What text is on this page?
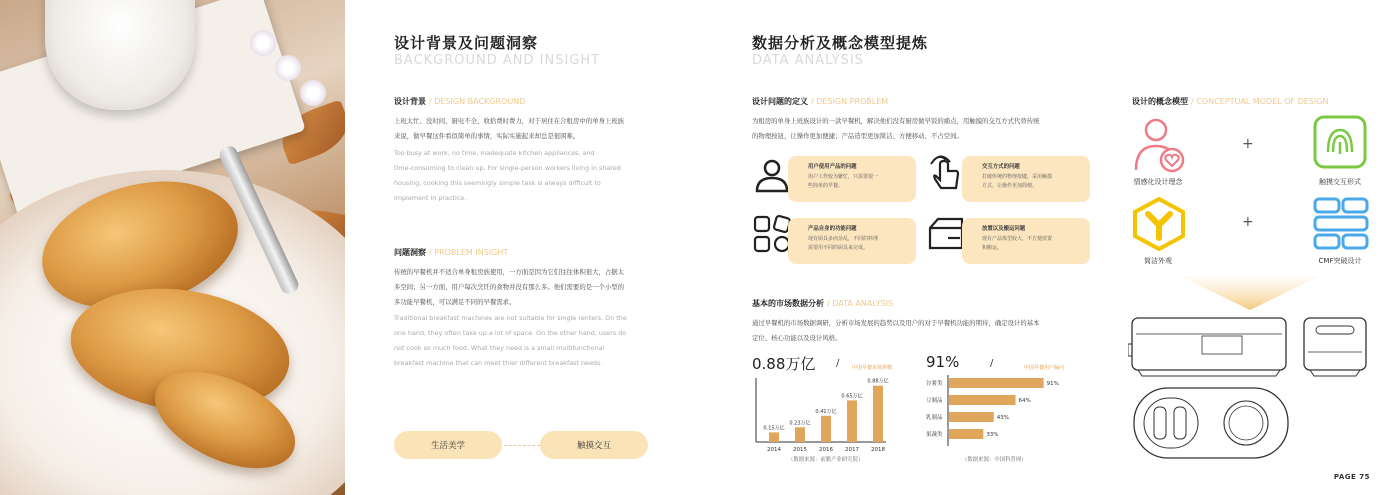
设计背景及问题洞察
BACKGROUND AND INSIGHT
设计背景 / DESIGN BACKGROUND
上班太忙、没时间、厨电不全、收拾费时费力，对于居住在合租房中的单身上班族
来说，做早餐这件看似简单的事情，实际实施起来却总是很困难。
Too busy at work, no time, inadequate kitchen appliances, and
time-consuming to clean up. For single-person workers living in shared
housing, cooking this seemingly simple task is always difficult to
implement in practice.
问题洞察 / PROBLEM INSIGHT
传统的早餐机并不适合单身租房族使用，一方面是因为它们往往体积很大，占据太
多空间；另一方面，用户每次烹饪的食物并没有那么多。他们需要的是一个小型的
多功能早餐机，可以满足不同的早餐需求。
Traditional breakfast machines are not suitable for single renters. On the
one hand, they often take up a lot of space. On the other hand, users do
not cook so much food. What they need is a small multifunctional
breakfast machine that can meet thier different breakfast needs.
生活美学	触摸交互
数据分析及概念模型提炼
DATA ANALYSIS
设计问题的定义 / DESIGN PROBLEM
为租房的单身上班族设计的一款早餐机，解决他们没有厨房做早饭的痛点，用触摸的交互方式代替传统
的物理按钮，让操作更加便捷；产品造型更加简洁、方便移动、不占空间。
用户使用产品的问题
用户工作较为繁忙，只需要很一
些简单的早餐。
交互方式的问题
打破传统的物理按键，采用触摸
方式，让操作更加简便。
产品自身的功能问题
现有厨具多而杂乱，不同的料理
需要用不同的厨具来完成。
放置以及搬运问题
现有产品体型较大，不方便放置
和搬运。
基本的市场数据分析 / DATA ANALYSIS
通过早餐机的市场数据调研，分析市场发展的趋势以及用户的对于早餐机功能的期待，确定设计的基本
定位、核心功能以及设计风格。
0.88万亿 /	中国早餐市场规模 91%	/	中国早餐用户偏向
0.15万亿
2014
0.23万亿
2015
0.41万亿
2016
0.65万亿
2017
0.88万亿
2018
（数据来源：前瞻产业研究院）
谷薯类	91%
豆制品	64%
乳制品	43%
果蔬类	33%
（数据来源：中国科普网）
设计的概念模型 / CONCEPTUAL MODEL OF DESIGN
情感化设计理念
+
触摸交互形式
简洁外观
+
CMF突破设计
PAGE 75
